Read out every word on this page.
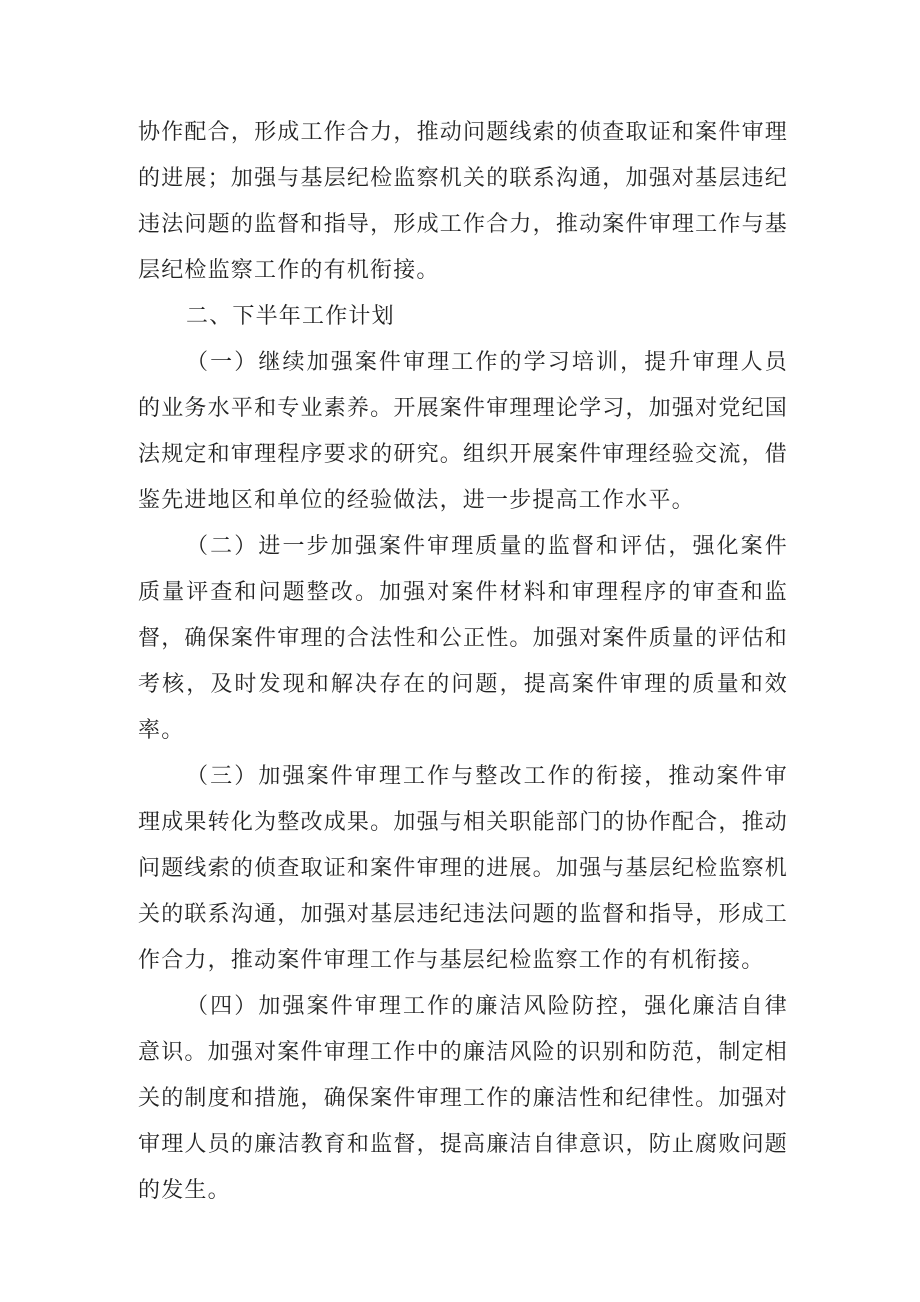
协作配合，形成工作合力，推动问题线索的侦查取证和案件审理的进展；加强与基层纪检监察机关的联系沟通，加强对基层违纪违法问题的监督和指导，形成工作合力，推动案件审理工作与基层纪检监察工作的有机衔接。

二、下半年工作计划

（一）继续加强案件审理工作的学习培训，提升审理人员的业务水平和专业素养。开展案件审理理论学习，加强对党纪国法规定和审理程序要求的研究。组织开展案件审理经验交流，借鉴先进地区和单位的经验做法，进一步提高工作水平。

（二）进一步加强案件审理质量的监督和评估，强化案件质量评查和问题整改。加强对案件材料和审理程序的审查和监督，确保案件审理的合法性和公正性。加强对案件质量的评估和考核，及时发现和解决存在的问题，提高案件审理的质量和效率。

（三）加强案件审理工作与整改工作的衔接，推动案件审理成果转化为整改成果。加强与相关职能部门的协作配合，推动问题线索的侦查取证和案件审理的进展。加强与基层纪检监察机关的联系沟通，加强对基层违纪违法问题的监督和指导，形成工作合力，推动案件审理工作与基层纪检监察工作的有机衔接。

（四）加强案件审理工作的廉洁风险防控，强化廉洁自律意识。加强对案件审理工作中的廉洁风险的识别和防范，制定相关的制度和措施，确保案件审理工作的廉洁性和纪律性。加强对审理人员的廉洁教育和监督，提高廉洁自律意识，防止腐败问题的发生。
